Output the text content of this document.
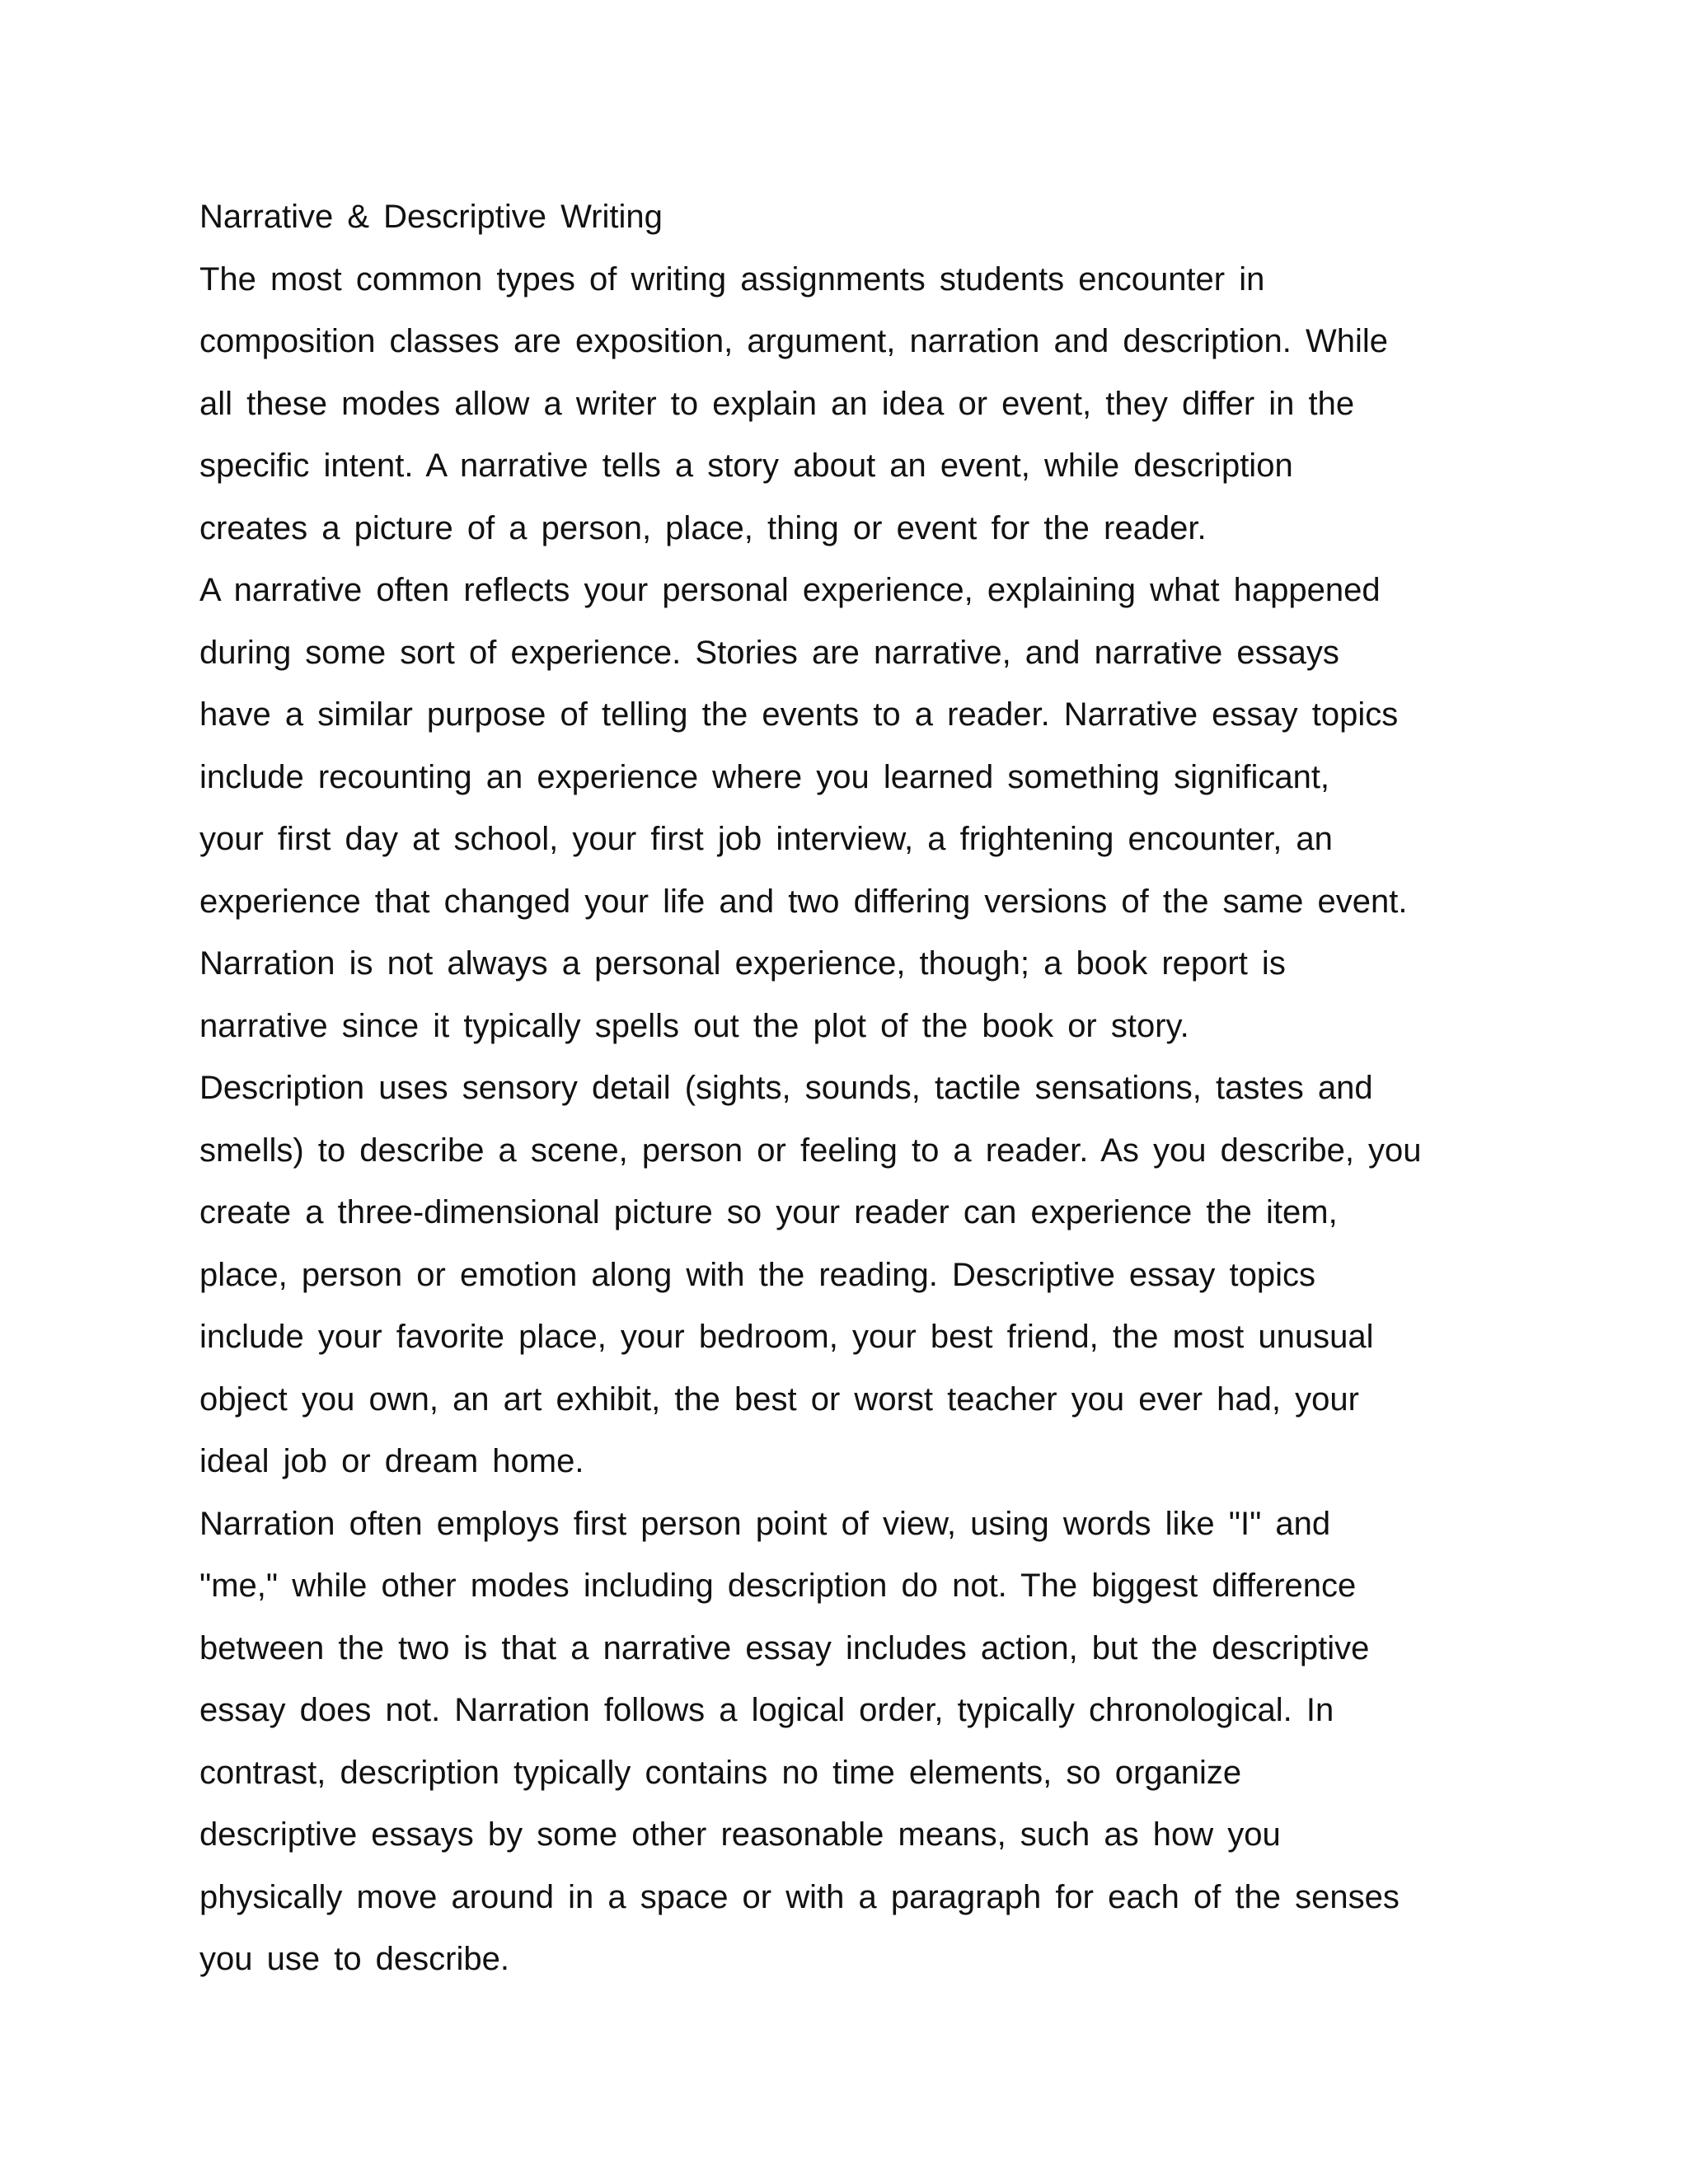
Narrative & Descriptive Writing
The most common types of writing assignments students encounter in
composition classes are exposition, argument, narration and description. While
all these modes allow a writer to explain an idea or event, they differ in the
specific intent. A narrative tells a story about an event, while description
creates a picture of a person, place, thing or event for the reader.
A narrative often reflects your personal experience, explaining what happened
during some sort of experience. Stories are narrative, and narrative essays
have a similar purpose of telling the events to a reader. Narrative essay topics
include recounting an experience where you learned something significant,
your first day at school, your first job interview, a frightening encounter, an
experience that changed your life and two differing versions of the same event.
Narration is not always a personal experience, though; a book report is
narrative since it typically spells out the plot of the book or story.
Description uses sensory detail (sights, sounds, tactile sensations, tastes and
smells) to describe a scene, person or feeling to a reader. As you describe, you
create a three-dimensional picture so your reader can experience the item,
place, person or emotion along with the reading. Descriptive essay topics
include your favorite place, your bedroom, your best friend, the most unusual
object you own, an art exhibit, the best or worst teacher you ever had, your
ideal job or dream home.
Narration often employs first person point of view, using words like "I" and
"me," while other modes including description do not. The biggest difference
between the two is that a narrative essay includes action, but the descriptive
essay does not. Narration follows a logical order, typically chronological. In
contrast, description typically contains no time elements, so organize
descriptive essays by some other reasonable means, such as how you
physically move around in a space or with a paragraph for each of the senses
you use to describe.
